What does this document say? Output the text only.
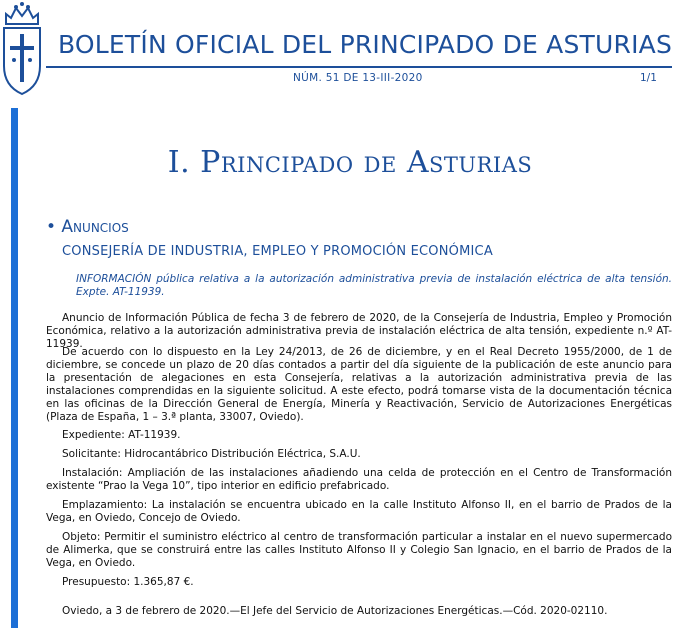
BOLETÍN OFICIAL DEL PRINCIPADO DE ASTURIAS
NÚM. 51 DE 13-III-2020	1/1
I. Principado de Asturias
• Anuncios
CONSEJERÍA DE INDUSTRIA, EMPLEO Y PROMOCIÓN ECONÓMICA
INFORMACIÓN pública relativa a la autorización administrativa previa de instalación eléctrica de alta tensión. Expte. AT-11939.

Anuncio de Información Pública de fecha 3 de febrero de 2020, de la Consejería de Industria, Empleo y Promoción Económica, relativo a la autorización administrativa previa de instalación eléctrica de alta tensión, expediente n.º AT-11939.

De acuerdo con lo dispuesto en la Ley 24/2013, de 26 de diciembre, y en el Real Decreto 1955/2000, de 1 de diciembre, se concede un plazo de 20 días contados a partir del día siguiente de la publicación de este anuncio para la presentación de alegaciones en esta Consejería, relativas a la autorización administrativa previa de las instalaciones comprendidas en la siguiente solicitud. A este efecto, podrá tomarse vista de la documentación técnica en las oficinas de la Dirección General de Energía, Minería y Reactivación, Servicio de Autorizaciones Energéticas (Plaza de España, 1 – 3.ª planta, 33007, Oviedo).

Expediente: AT-11939.

Solicitante: Hidrocantábrico Distribución Eléctrica, S.A.U.

Instalación: Ampliación de las instalaciones añadiendo una celda de protección en el Centro de Transformación existente “Prao la Vega 10”, tipo interior en edificio prefabricado.

Emplazamiento: La instalación se encuentra ubicado en la calle Instituto Alfonso II, en el barrio de Prados de la Vega, en Oviedo, Concejo de Oviedo.

Objeto: Permitir el suministro eléctrico al centro de transformación particular a instalar en el nuevo supermercado de Alimerka, que se construirá entre las calles Instituto Alfonso II y Colegio San Ignacio, en el barrio de Prados de la Vega, en Oviedo.

Presupuesto: 1.365,87 €.

Oviedo, a 3 de febrero de 2020.—El Jefe del Servicio de Autorizaciones Energéticas.—Cód. 2020-02110.
